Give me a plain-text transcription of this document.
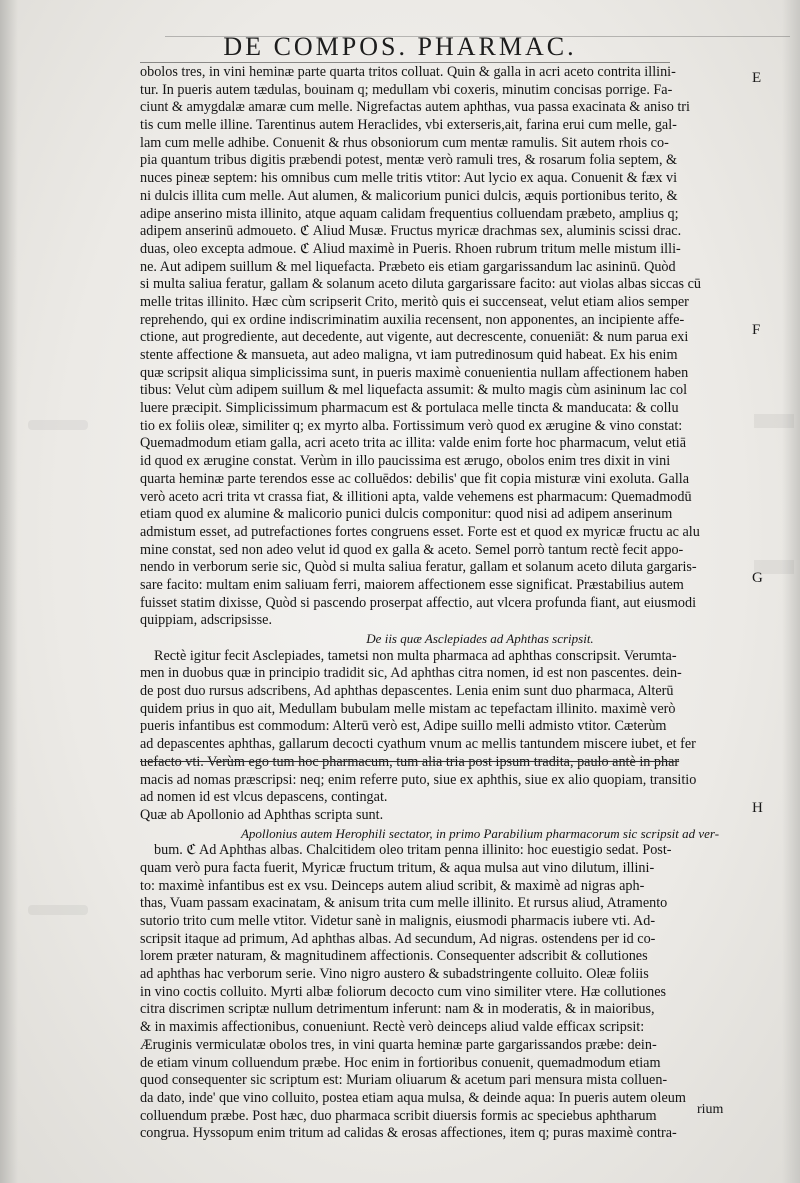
DE COMPOS. PHARMAC.
obolos tres, in vini heminæ parte quarta tritos colluat. Quin & galla in acri aceto contrita illini-
tur. In pueris autem tædulas, bouinam q; medullam vbi coxeris, minutim concisas porrige. Fa-
ciunt & amygdalæ amaræ cum melle. Nigrefactas autem aphthas, vua passa exacinata & aniso tri
tis cum melle illine. Tarentinus autem Heraclides, vbi exterseris,ait, farina erui cum melle, gal-
lam cum melle adhibe. Conuenit & rhus obsoniorum cum mentæ ramulis. Sit autem rhois co-
pia quantum tribus digitis præbendi potest, mentæ verò ramuli tres, & rosarum folia septem, &
nuces pineæ septem: his omnibus cum melle tritis vtitor: Aut lycio ex aqua. Conuenit & fæx vi
ni dulcis illita cum melle. Aut alumen, & malicorium punici dulcis, æquis portionibus terito, &
adipe anserino mista illinito, atque aquam calidam frequentius colluendam præbeto, amplius q;
adipem anserinū admoueto. ℭ Aliud Musæ. Fructus myricæ drachmas sex, aluminis scissi drac.
duas, oleo excepta admoue. ℭ Aliud maximè in Pueris. Rhoen rubrum tritum melle mistum illi-
ne. Aut adipem suillum & mel liquefacta. Præbeto eis etiam gargarissandum lac asininū. Quòd
si multa saliua feratur, gallam & solanum aceto diluta gargarissare facito: aut violas albas siccas cū
melle tritas illinito. Hæc cùm scripserit Crito, meritò quis ei succenseat, velut etiam alios semper
reprehendo, qui ex ordine indiscriminatim auxilia recensent, non apponentes, an incipiente affe-
ctione, aut progrediente, aut decedente, aut vigente, aut decrescente, conueniāt: & num parua exi
stente affectione & mansueta, aut adeo maligna, vt iam putredinosum quid habeat. Ex his enim
quæ scripsit aliqua simplicissima sunt, in pueris maximè conuenientia nullam affectionem haben
tibus: Velut cùm adipem suillum & mel liquefacta assumit: & multo magis cùm asininum lac col
luere præcipit. Simplicissimum pharmacum est & portulaca melle tincta & manducata: & collu
tio ex foliis oleæ, similiter q; ex myrto alba. Fortissimum verò quod ex ærugine & vino constat:
Quemadmodum etiam galla, acri aceto trita ac illita: valde enim forte hoc pharmacum, velut etiā
id quod ex ærugine constat. Verùm in illo paucissima est ærugo, obolos enim tres dixit in vini
quarta heminæ parte terendos esse ac colluēdos: debilis' que fit copia misturæ vini exoluta. Galla
verò aceto acri trita vt crassa fiat, & illitioni apta, valde vehemens est pharmacum: Quemadmodū
etiam quod ex alumine & malicorio punici dulcis componitur: quod nisi ad adipem anserinum
admistum esset, ad putrefactiones fortes congruens esset. Forte est et quod ex myricæ fructu ac alu
mine constat, sed non adeo velut id quod ex galla & aceto. Semel porrò tantum rectè fecit appo-
nendo in verborum serie sic, Quòd si multa saliua feratur, gallam et solanum aceto diluta gargaris-
sare facito: multam enim saliuam ferri, maiorem affectionem esse significat. Præstabilius autem
fuisset statim dixisse, Quòd si pascendo proserpat affectio, aut vlcera profunda fiant, aut eiusmodi
quippiam, adscripsisse.
De iis quæ Asclepiades ad Aphthas scripsit.
Rectè igitur fecit Asclepiades, tametsi non multa pharmaca ad aphthas conscripsit. Verumta-
men in duobus quæ in principio tradidit sic, Ad aphthas citra nomen, id est non pascentes. dein-
de post duo rursus adscribens, Ad aphthas depascentes. Lenia enim sunt duo pharmaca, Alterū
quidem prius in quo ait, Medullam bubulam melle mistam ac tepefactam illinito. maximè verò
pueris infantibus est commodum: Alterū verò est, Adipe suillo melli admisto vtitor. Cæterùm
ad depascentes aphthas, gallarum decocti cyathum vnum ac mellis tantundem miscere iubet, et fer
uefacto vti. Verùm ego tum hoc pharmacum, tum alia tria post ipsum tradita, paulo antè in phar
macis ad nomas præscripsi: neq; enim referre puto, siue ex aphthis, siue ex alio quopiam, transitio
ad nomen id est vlcus depascens, contingat.
Quæ ab Apollonio ad Aphthas scripta sunt.
Apollonius autem Herophili sectator, in primo Parabilium pharmacorum sic scripsit ad ver-
bum. ℭ Ad Aphthas albas. Chalcitidem oleo tritam penna illinito: hoc euestigio sedat. Post-
quam verò pura facta fuerit, Myricæ fructum tritum, & aqua mulsa aut vino dilutum, illini-
to: maximè infantibus est ex vsu. Deinceps autem aliud scribit, & maximè ad nigras aph-
thas, Vuam passam exacinatam, & anisum trita cum melle illinito. Et rursus aliud, Atramento
sutorio trito cum melle vtitor. Videtur sanè in malignis, eiusmodi pharmacis iubere vti. Ad-
scripsit itaque ad primum, Ad aphthas albas. Ad secundum, Ad nigras. ostendens per id co-
lorem præter naturam, & magnitudinem affectionis. Consequenter adscribit & collutiones
ad aphthas hac verborum serie. Vino nigro austero & subadstringente colluito. Oleæ foliis
in vino coctis colluito. Myrti albæ foliorum decocto cum vino similiter vtere. Hæ collutiones
citra discrimen scriptæ nullum detrimentum inferunt: nam & in moderatis, & in maioribus,
& in maximis affectionibus, conueniunt. Rectè verò deinceps aliud valde efficax scripsit:
Æruginis vermiculatæ obolos tres, in vini quarta heminæ parte gargarissandos præbe: dein-
de etiam vinum colluendum præbe. Hoc enim in fortioribus conuenit, quemadmodum etiam
quod consequenter sic scriptum est: Muriam oliuarum & acetum pari mensura mista colluen-
da dato, inde' que vino colluito, postea etiam aqua mulsa, & deinde aqua: In pueris autem oleum
colluendum præbe. Post hæc, duo pharmaca scribit diuersis formis ac speciebus aphtharum
congrua. Hyssopum enim tritum ad calidas & erosas affectiones, item q; puras maximè contra-
E
F
G
H
rium
